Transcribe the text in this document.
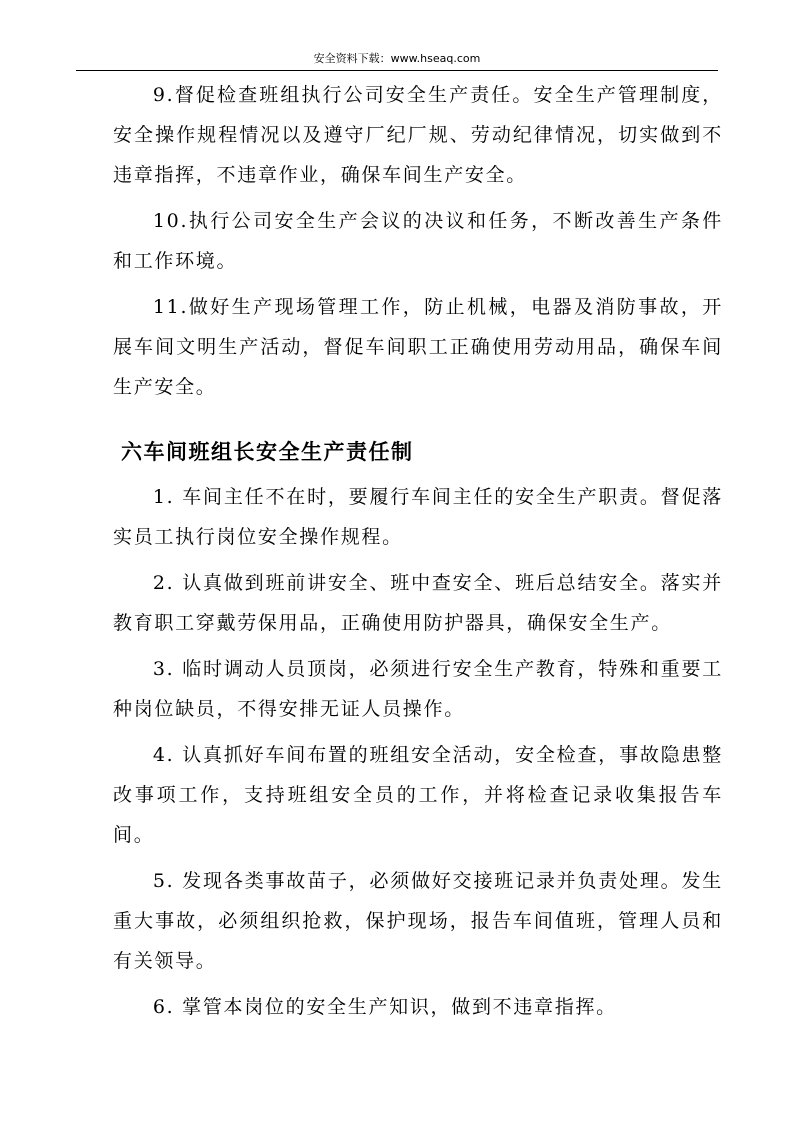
安全资料下载：www.hseaq.com

9.督促检查班组执行公司安全生产责任。安全生产管理制度，安全操作规程情况以及遵守厂纪厂规、劳动纪律情况，切实做到不违章指挥，不违章作业，确保车间生产安全。

10.执行公司安全生产会议的决议和任务，不断改善生产条件和工作环境。

11.做好生产现场管理工作，防止机械，电器及消防事故，开展车间文明生产活动，督促车间职工正确使用劳动用品，确保车间生产安全。

六车间班组长安全生产责任制

1. 车间主任不在时，要履行车间主任的安全生产职责。督促落实员工执行岗位安全操作规程。

2. 认真做到班前讲安全、班中查安全、班后总结安全。落实并教育职工穿戴劳保用品，正确使用防护器具，确保安全生产。

3. 临时调动人员顶岗，必须进行安全生产教育，特殊和重要工种岗位缺员，不得安排无证人员操作。

4. 认真抓好车间布置的班组安全活动，安全检查，事故隐患整改事项工作，支持班组安全员的工作，并将检查记录收集报告车间。

5. 发现各类事故苗子，必须做好交接班记录并负责处理。发生重大事故，必须组织抢救，保护现场，报告车间值班，管理人员和有关领导。

6. 掌管本岗位的安全生产知识，做到不违章指挥。
